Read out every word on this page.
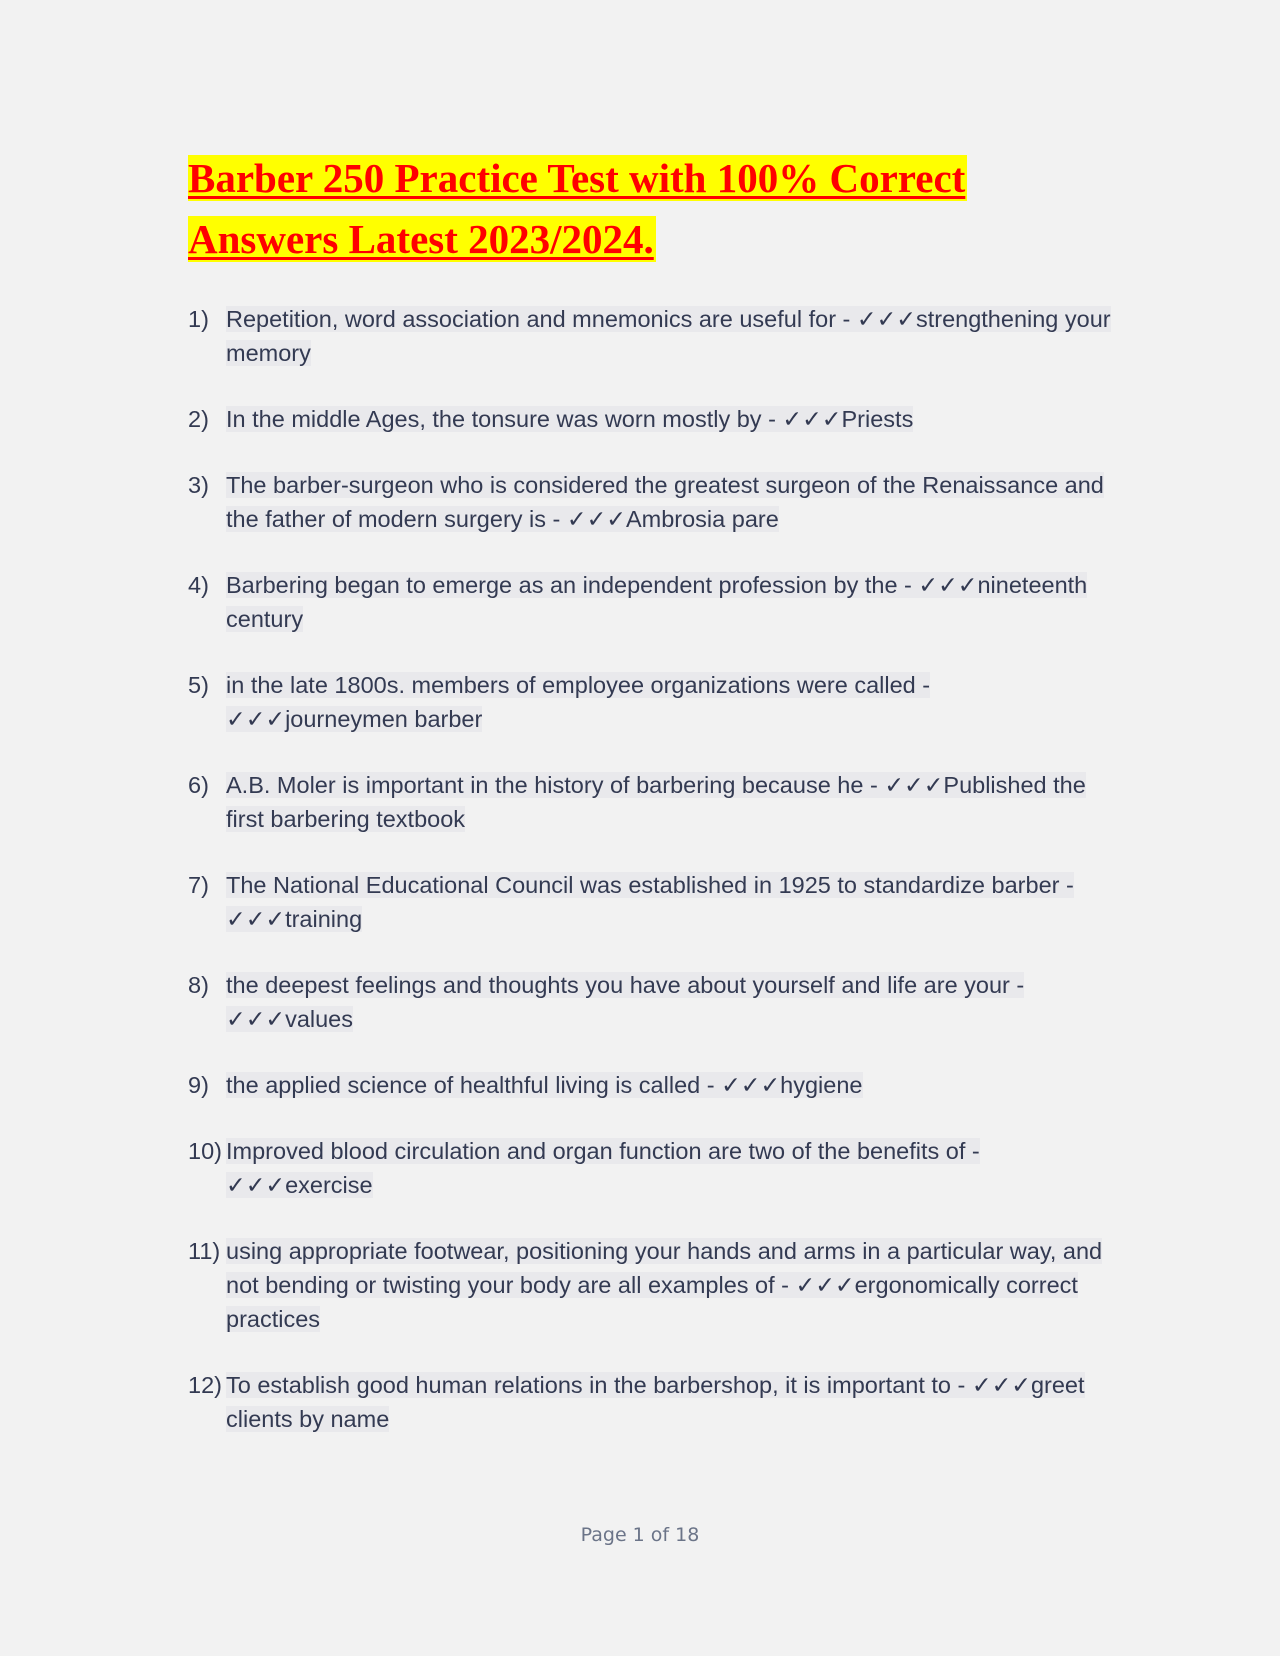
Barber 250 Practice Test with 100% Correct
Answers Latest 2023/2024.
1) Repetition, word association and mnemonics are useful for - ✓✓✓strengthening your memory
2) In the middle Ages, the tonsure was worn mostly by - ✓✓✓Priests
3) The barber-surgeon who is considered the greatest surgeon of the Renaissance and the father of modern surgery is - ✓✓✓Ambrosia pare
4) Barbering began to emerge as an independent profession by the - ✓✓✓nineteenth century
5) in the late 1800s. members of employee organizations were called - ✓✓✓journeymen barber
6) A.B. Moler is important in the history of barbering because he - ✓✓✓Published the first barbering textbook
7) The National Educational Council was established in 1925 to standardize barber - ✓✓✓training
8) the deepest feelings and thoughts you have about yourself and life are your - ✓✓✓values
9) the applied science of healthful living is called - ✓✓✓hygiene
10) Improved blood circulation and organ function are two of the benefits of - ✓✓✓exercise
11) using appropriate footwear, positioning your hands and arms in a particular way, and not bending or twisting your body are all examples of - ✓✓✓ergonomically correct practices
12) To establish good human relations in the barbershop, it is important to - ✓✓✓greet clients by name
Page 1 of 18
